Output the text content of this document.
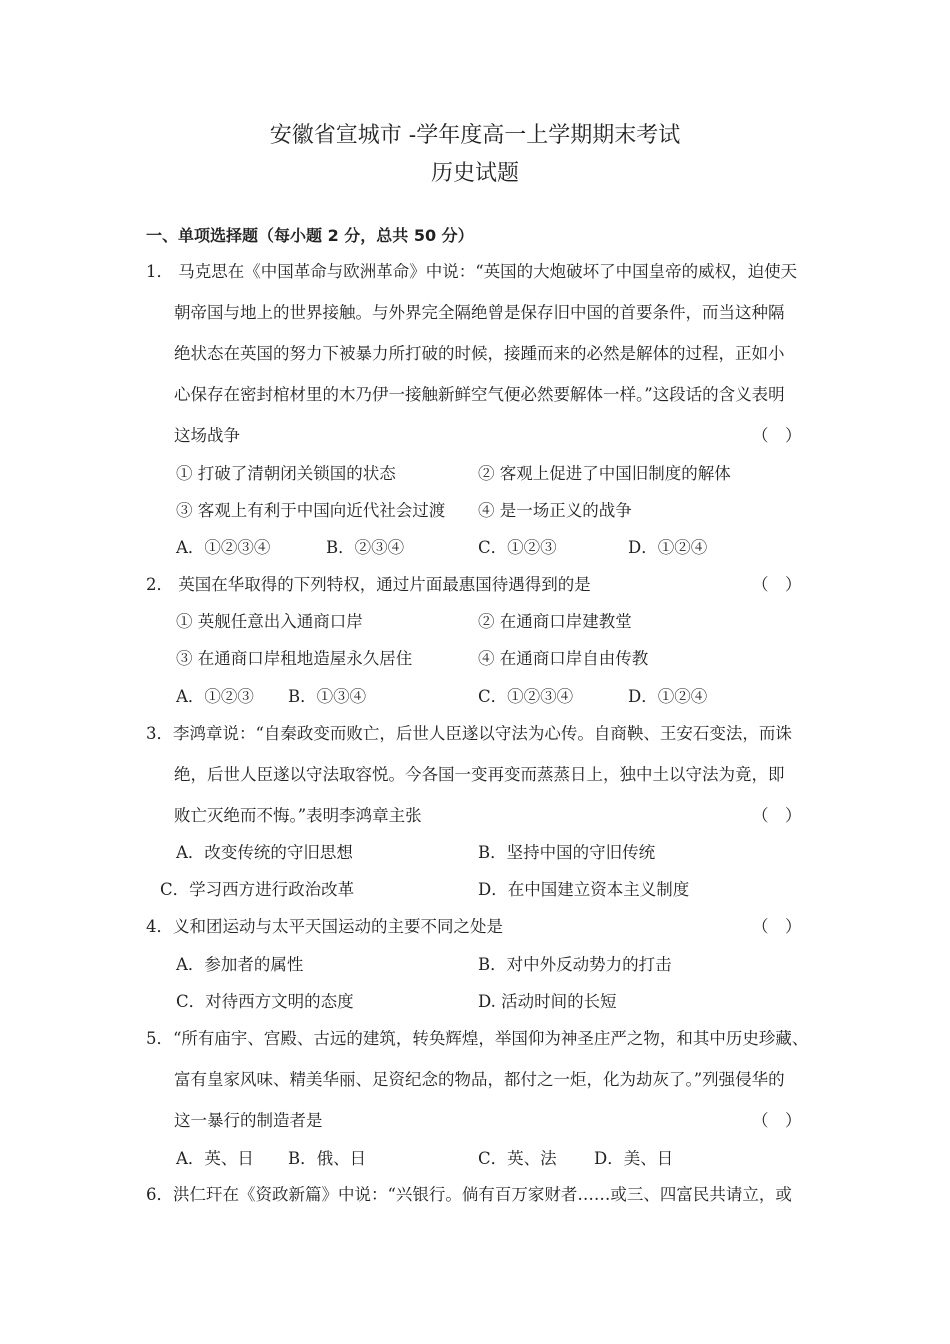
安徽省宣城市 -学年度高一上学期期末考试
历史试题
一、单项选择题（每小题 2 分，总共 50 分）
1． 马克思在《中国革命与欧洲革命》中说：“英国的大炮破坏了中国皇帝的威权，迫使天
朝帝国与地上的世界接触。与外界完全隔绝曾是保存旧中国的首要条件，而当这种隔
绝状态在英国的努力下被暴力所打破的时候，接踵而来的必然是解体的过程，正如小
心保存在密封棺材里的木乃伊一接触新鲜空气便必然要解体一样。”这段话的含义表明
这场战争	（　）
① 打破了清朝闭关锁国的状态	② 客观上促进了中国旧制度的解体
③ 客观上有利于中国向近代社会过渡 ④ 是一场正义的战争
A．①②③④	B．②③④	C．①②③	D．①②④
2． 英国在华取得的下列特权，通过片面最惠国待遇得到的是	（　）
① 英舰任意出入通商口岸	② 在通商口岸建教堂
③ 在通商口岸租地造屋永久居住	④ 在通商口岸自由传教
A．①②③ B．①③④	C．①②③④	D．①②④
3．李鸿章说：“自秦政变而败亡，后世人臣遂以守法为心传。自商鞅、王安石变法，而诛
绝，后世人臣遂以守法取容悦。今各国一变再变而蒸蒸日上，独中土以守法为竟，即
败亡灭绝而不悔。”表明李鸿章主张	（　）
A．改变传统的守旧思想	B．坚持中国的守旧传统
C．学习西方进行政治改革	D．在中国建立资本主义制度
4．义和团运动与太平天国运动的主要不同之处是	（　）
A．参加者的属性	B．对中外反动势力的打击
C．对待西方文明的态度	D. 活动时间的长短
5．“所有庙宇、宫殿、古远的建筑，转奂辉煌，举国仰为神圣庄严之物，和其中历史珍藏、
富有皇家风味、精美华丽、足资纪念的物品，都付之一炬，化为劫灰了。”列强侵华的
这一暴行的制造者是	（　）
A．英、日 B．俄、日	C．英、法 D．美、日
6．洪仁玕在《资政新篇》中说：“兴银行。倘有百万家财者……或三、四富民共请立，或
